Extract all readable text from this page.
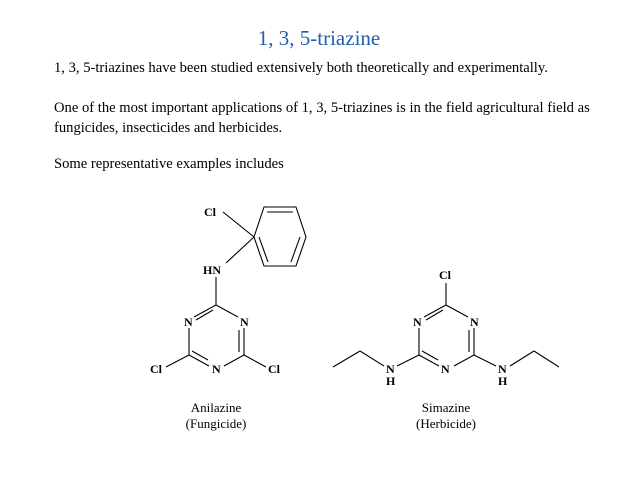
1, 3, 5-triazine

1, 3, 5-triazines have been studied extensively both theoretically and experimentally.

One of the most important applications of 1, 3, 5-triazines is in the field agricultural field as fungicides, insecticides and herbicides.

Some representative examples includes

Cl
HN
N	N
N
Cl	Cl
Anilazine
(Fungicide)
Cl
N	N
N
N
H
N
H
Simazine
(Herbicide)
